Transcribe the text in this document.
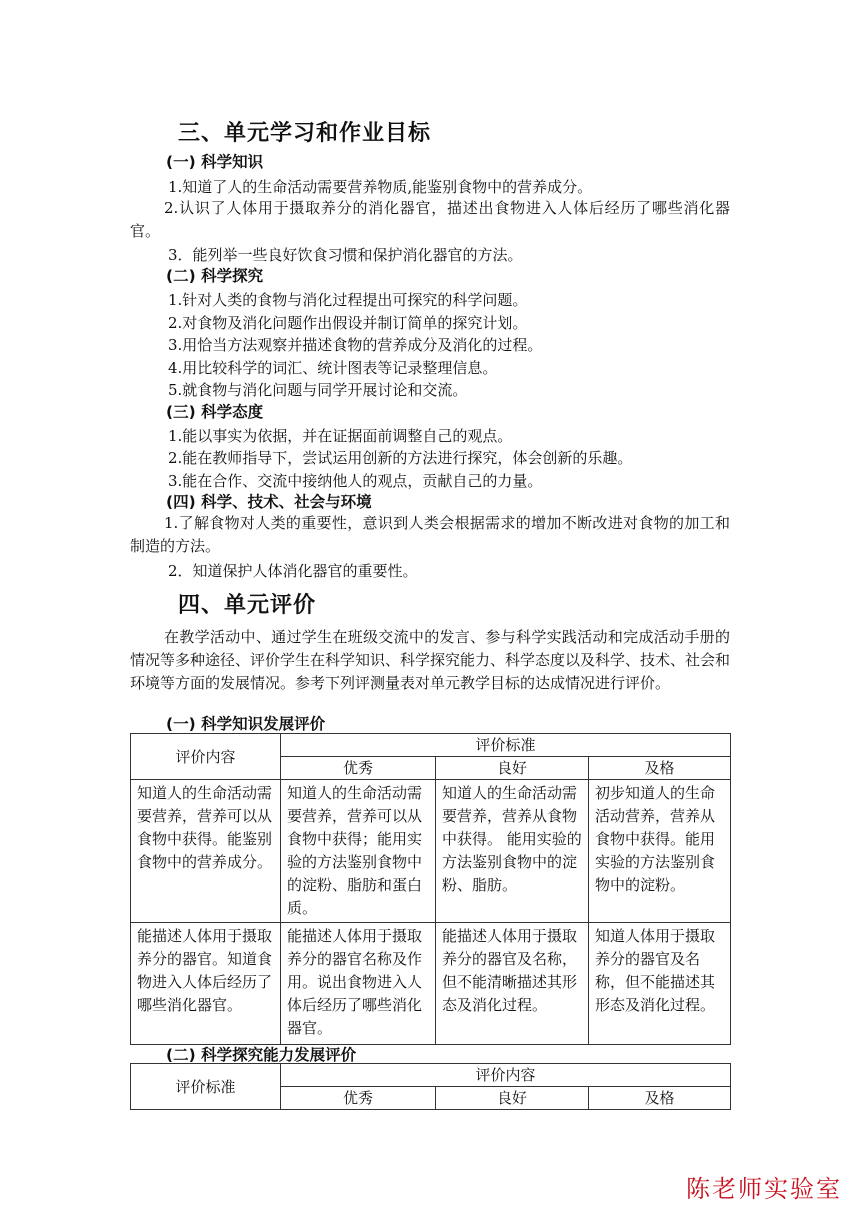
三、单元学习和作业目标
(一) 科学知识
1.知道了人的生命活动需要营养物质,能鉴别食物中的营养成分。
2.认识了人体用于摄取养分的消化器官，描述出食物进入人体后经历了哪些消化器官。
3．能列举一些良好饮食习惯和保护消化器官的方法。
(二) 科学探究
1.针对人类的食物与消化过程提出可探究的科学问题。
2.对食物及消化问题作出假设并制订简单的探究计划。
3.用恰当方法观察并描述食物的营养成分及消化的过程。
4.用比较科学的词汇、统计图表等记录整理信息。
5.就食物与消化问题与同学开展讨论和交流。
(三) 科学态度
1.能以事实为依据，并在证据面前调整自己的观点。
2.能在教师指导下，尝试运用创新的方法进行探究，体会创新的乐趣。
3.能在合作、交流中接纳他人的观点，贡献自己的力量。
(四) 科学、技术、社会与环境
1.了解食物对人类的重要性，意识到人类会根据需求的增加不断改进对食物的加工和制造的方法。
2．知道保护人体消化器官的重要性。
四、单元评价
在教学活动中、通过学生在班级交流中的发言、参与科学实践活动和完成活动手册的情况等多种途径、评价学生在科学知识、科学探究能力、科学态度以及科学、技术、社会和环境等方面的发展情况。参考下列评测量表对单元教学目标的达成情况进行评价。
(一) 科学知识发展评价
评价内容	评价标准		
	优秀	良好	及格
知道人的生命活动需要营养，营养可以从食物中获得。能鉴别食物中的营养成分。	知道人的生命活动需要营养，营养可以从食物中获得；能用实验的方法鉴别食物中的淀粉、脂肪和蛋白质。	知道人的生命活动需要营养，营养从食物中获得。 能用实验的方法鉴别食物中的淀粉、脂肪。	初步知道人的生命活动营养，营养从食物中获得。能用实验的方法鉴别食物中的淀粉。
能描述人体用于摄取养分的器官。知道食物进入人体后经历了哪些消化器官。	能描述人体用于摄取养分的器官名称及作用。说出食物进入人体后经历了哪些消化器官。	能描述人体用于摄取养分的器官及名称，但不能清晰描述其形态及消化过程。	知道人体用于摄取养分的器官及名称，但不能描述其形态及消化过程。
(二) 科学探究能力发展评价
评价标准	评价内容		
	优秀	良好	及格
陈老师实验室
